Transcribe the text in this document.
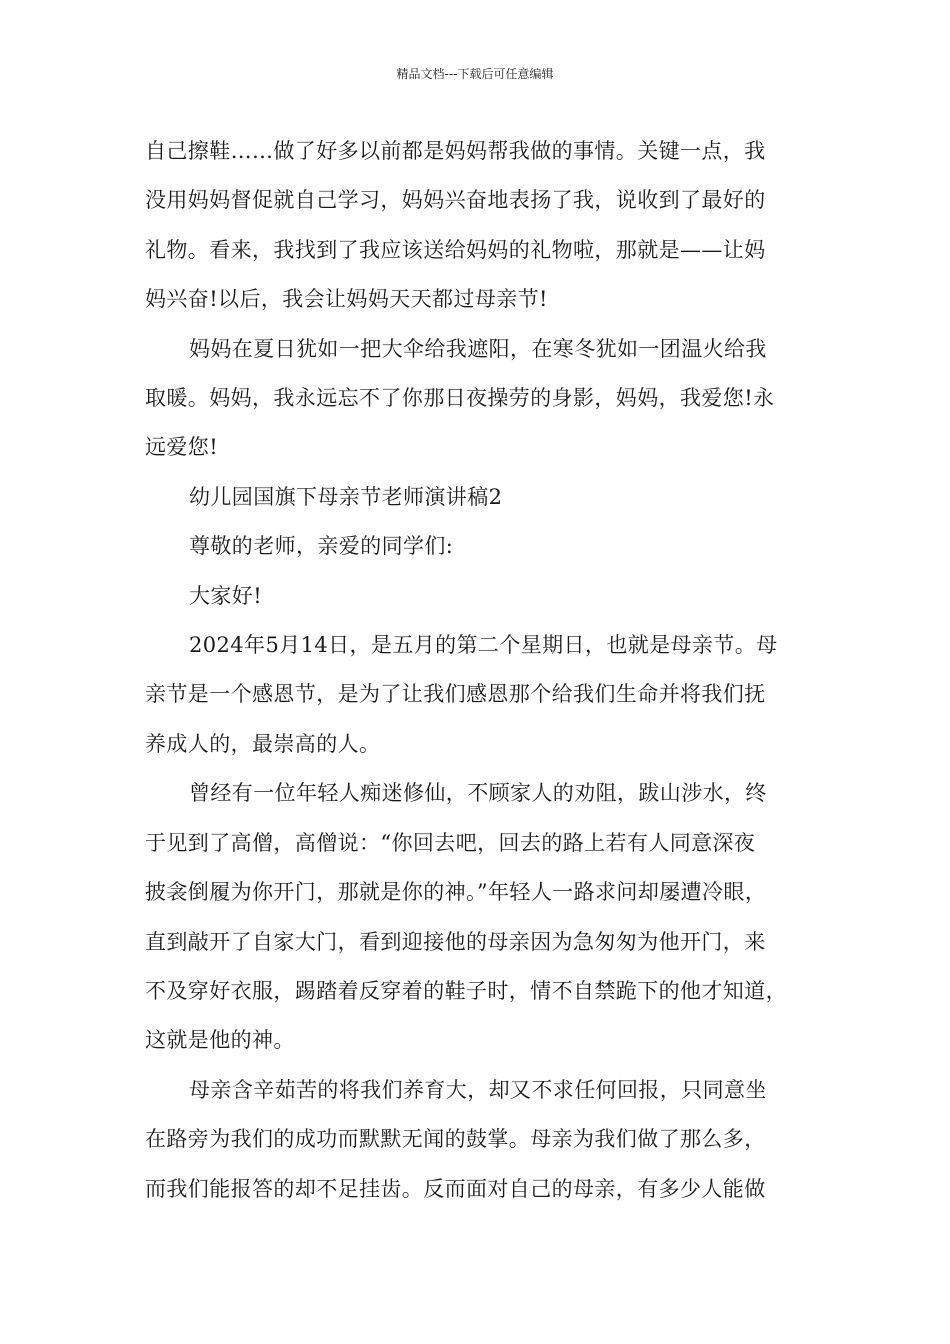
精品文档---下载后可任意编辑

自己擦鞋……做了好多以前都是妈妈帮我做的事情。关键一点，我
没用妈妈督促就自己学习，妈妈兴奋地表扬了我，说收到了最好的
礼物。看来，我找到了我应该送给妈妈的礼物啦，那就是——让妈
妈兴奋!以后，我会让妈妈天天都过母亲节!

妈妈在夏日犹如一把大伞给我遮阳，在寒冬犹如一团温火给我
取暖。妈妈，我永远忘不了你那日夜操劳的身影，妈妈，我爱您!永
远爱您!

幼儿园国旗下母亲节老师演讲稿2

尊敬的老师，亲爱的同学们:

大家好!

2024年5月14日，是五月的第二个星期日，也就是母亲节。母
亲节是一个感恩节，是为了让我们感恩那个给我们生命并将我们抚
养成人的，最崇高的人。

曾经有一位年轻人痴迷修仙，不顾家人的劝阻，跋山涉水，终
于见到了高僧，高僧说：“你回去吧，回去的路上若有人同意深夜
披衾倒履为你开门，那就是你的神。”年轻人一路求问却屡遭冷眼，
直到敲开了自家大门，看到迎接他的母亲因为急匆匆为他开门，来
不及穿好衣服，踢踏着反穿着的鞋子时，情不自禁跪下的他才知道，
这就是他的神。

母亲含辛茹苦的将我们养育大，却又不求任何回报，只同意坐
在路旁为我们的成功而默默无闻的鼓掌。母亲为我们做了那么多，
而我们能报答的却不足挂齿。反而面对自己的母亲，有多少人能做
